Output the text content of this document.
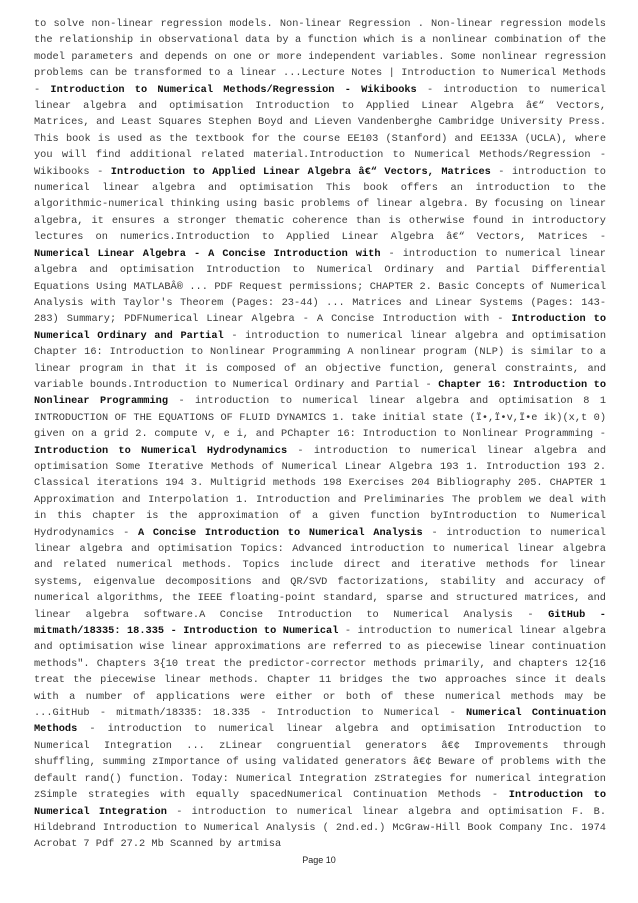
to solve non-linear regression models. Non-linear Regression . Non-linear regression models the relationship in observational data by a function which is a nonlinear combination of the model parameters and depends on one or more independent variables. Some nonlinear regression problems can be transformed to a linear ...Lecture Notes | Introduction to Numerical Methods - Introduction to Numerical Methods/Regression - Wikibooks - introduction to numerical linear algebra and optimisation Introduction to Applied Linear Algebra â€“ Vectors, Matrices, and Least Squares Stephen Boyd and Lieven Vandenberghe Cambridge University Press. This book is used as the textbook for the course EE103 (Stanford) and EE133A (UCLA), where you will find additional related material.Introduction to Numerical Methods/Regression - Wikibooks - Introduction to Applied Linear Algebra â€“ Vectors, Matrices - introduction to numerical linear algebra and optimisation This book offers an introduction to the algorithmic-numerical thinking using basic problems of linear algebra. By focusing on linear algebra, it ensures a stronger thematic coherence than is otherwise found in introductory lectures on numerics.Introduction to Applied Linear Algebra â€“ Vectors, Matrices - Numerical Linear Algebra - A Concise Introduction with - introduction to numerical linear algebra and optimisation Introduction to Numerical Ordinary and Partial Differential Equations Using MATLABÂ® ... PDF Request permissions; CHAPTER 2. Basic Concepts of Numerical Analysis with Taylor's Theorem (Pages: 23-44) ... Matrices and Linear Systems (Pages: 143-283) Summary; PDFNumerical Linear Algebra - A Concise Introduction with - Introduction to Numerical Ordinary and Partial - introduction to numerical linear algebra and optimisation Chapter 16: Introduction to Nonlinear Programming A nonlinear program (NLP) is similar to a linear program in that it is composed of an objective function, general constraints, and variable bounds.Introduction to Numerical Ordinary and Partial - Chapter 16: Introduction to Nonlinear Programming - introduction to numerical linear algebra and optimisation 8 1 INTRODUCTION OF THE EQUATIONS OF FLUID DYNAMICS 1. take initial state (Ï•,Ï•v,Ï•e ik)(x,t 0) given on a grid 2. compute v, e i, and PChapter 16: Introduction to Nonlinear Programming - Introduction to Numerical Hydrodynamics - introduction to numerical linear algebra and optimisation Some Iterative Methods of Numerical Linear Algebra 193 1. Introduction 193 2. Classical iterations 194 3. Multigrid methods 198 Exercises 204 Bibliography 205. CHAPTER 1 Approximation and Interpolation 1. Introduction and Preliminaries The problem we deal with in this chapter is the approximation of a given function byIntroduction to Numerical Hydrodynamics - A Concise Introduction to Numerical Analysis - introduction to numerical linear algebra and optimisation Topics: Advanced introduction to numerical linear algebra and related numerical methods. Topics include direct and iterative methods for linear systems, eigenvalue decompositions and QR/SVD factorizations, stability and accuracy of numerical algorithms, the IEEE floating-point standard, sparse and structured matrices, and linear algebra software.A Concise Introduction to Numerical Analysis - GitHub - mitmath/18335: 18.335 - Introduction to Numerical - introduction to numerical linear algebra and optimisation wise linear approximations are referred to as piecewise linear continuation methods". Chapters 3{10 treat the predictor-corrector methods primarily, and chapters 12{16 treat the piecewise linear methods. Chapter 11 bridges the two approaches since it deals with a number of applications were either or both of these numerical methods may be ...GitHub - mitmath/18335: 18.335 - Introduction to Numerical - Numerical Continuation Methods - introduction to numerical linear algebra and optimisation Introduction to Numerical Integration ... zLinear congruential generators â€¢ Improvements through shuffling, summing zImportance of using validated generators â€¢ Beware of problems with the default rand() function. Today: Numerical Integration zStrategies for numerical integration zSimple strategies with equally spacedNumerical Continuation Methods - Introduction to Numerical Integration - introduction to numerical linear algebra and optimisation F. B. Hildebrand Introduction to Numerical Analysis ( 2nd.ed.) McGraw-Hill Book Company Inc. 1974 Acrobat 7 Pdf 27.2 Mb Scanned by artmisa
Page 10
